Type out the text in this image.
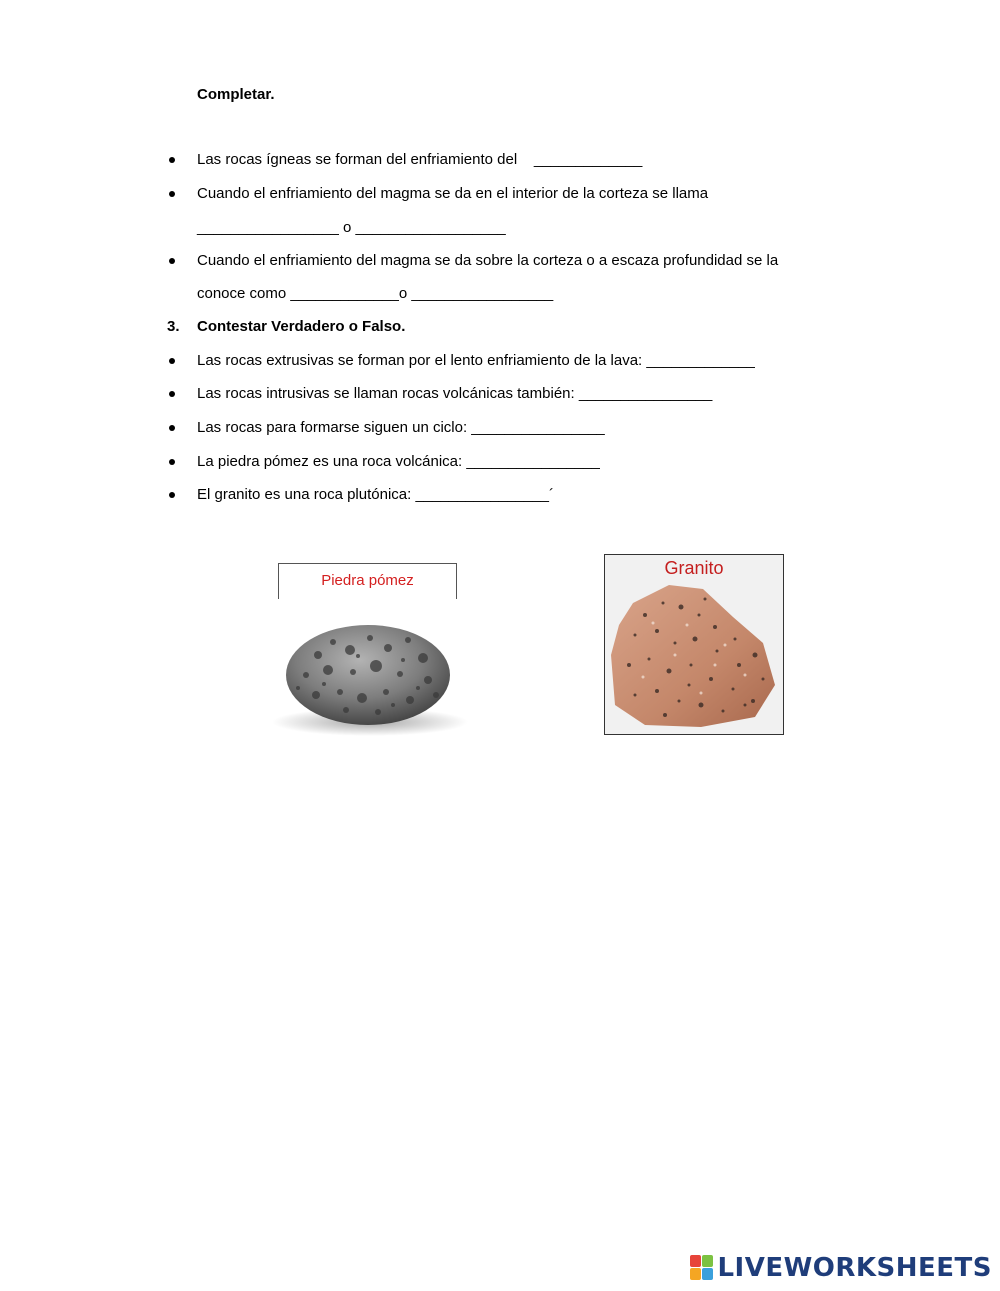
Completar.
Las rocas ígneas se forman del enfriamiento del    _____________
Cuando el enfriamiento del magma se da en el interior de la corteza se llama
_________________ o __________________
Cuando el enfriamiento del magma se da sobre la corteza o a escaza profundidad se la
conoce como _____________o _________________
3. Contestar Verdadero o Falso.
Las rocas extrusivas se forman por el lento enfriamiento de la lava: _____________
Las rocas intrusivas se llaman rocas volcánicas también: ________________
Las rocas para formarse siguen un ciclo: ________________
La piedra pómez es una roca volcánica: ________________
El granito es una roca plutónica: ________________´
Piedra pómez
Granito
LIVEWORKSHEETS
